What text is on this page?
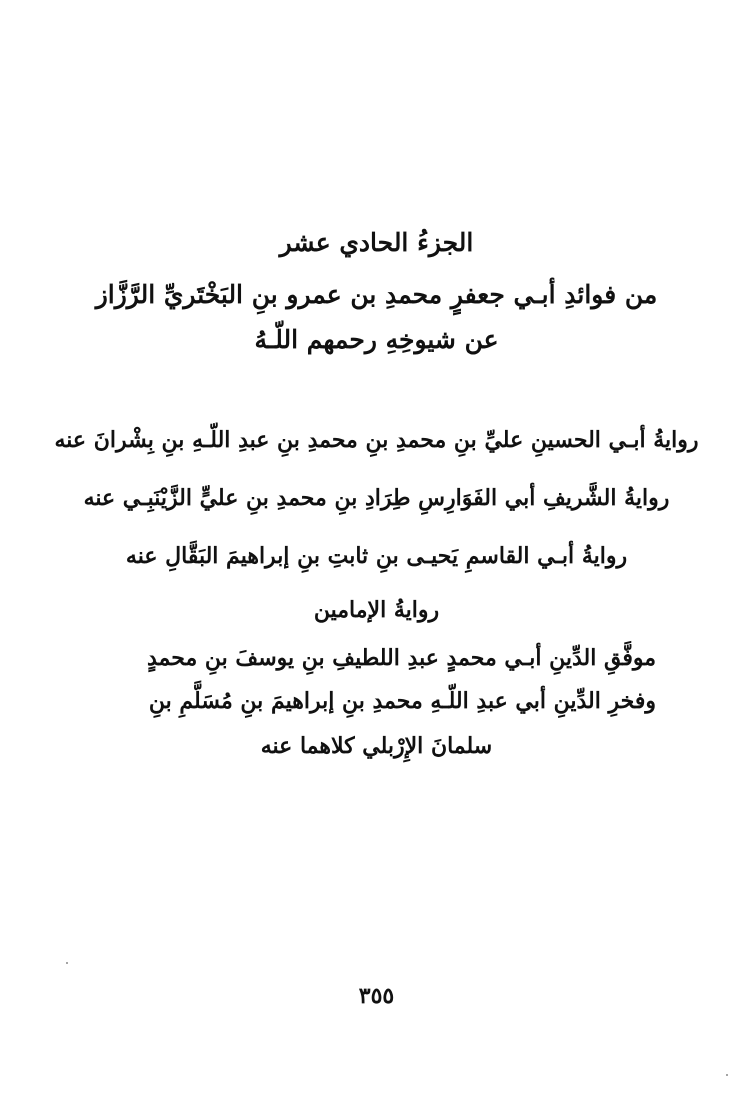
الجزءُ الحادي عشر
من فوائدِ أبـي جعفرٍ محمدِ بن عمرو بنِ البَخْتَريِّ الرَّزَّاز
عن شيوخِهِ رحمهم اللّـهُ
روايةُ أبـي الحسينِ عليِّ بنِ محمدِ بنِ محمدِ بنِ عبدِ اللّـهِ بنِ بِشْرانَ عنه
روايةُ الشَّريفِ أبي الفَوَارِسِ طِرَادِ بنِ محمدِ بنِ عليٍّ الزَّيْنَبِـي عنه
روايةُ أبـي القاسمِ يَحيـى بنِ ثابتِ بنِ إبراهيمَ البَقَّالِ عنه
روايةُ الإمامين
موفَّقِ الدِّينِ أبـي محمدٍ عبدِ اللطيفِ بنِ يوسفَ بنِ محمدٍ
وفخرِ الدِّينِ أبي عبدِ اللّـهِ محمدِ بنِ إبراهيمَ بنِ مُسَلَّمِ بنِ
سلمانَ الإِرْبلي كلاهما عنه
٣٥٥
